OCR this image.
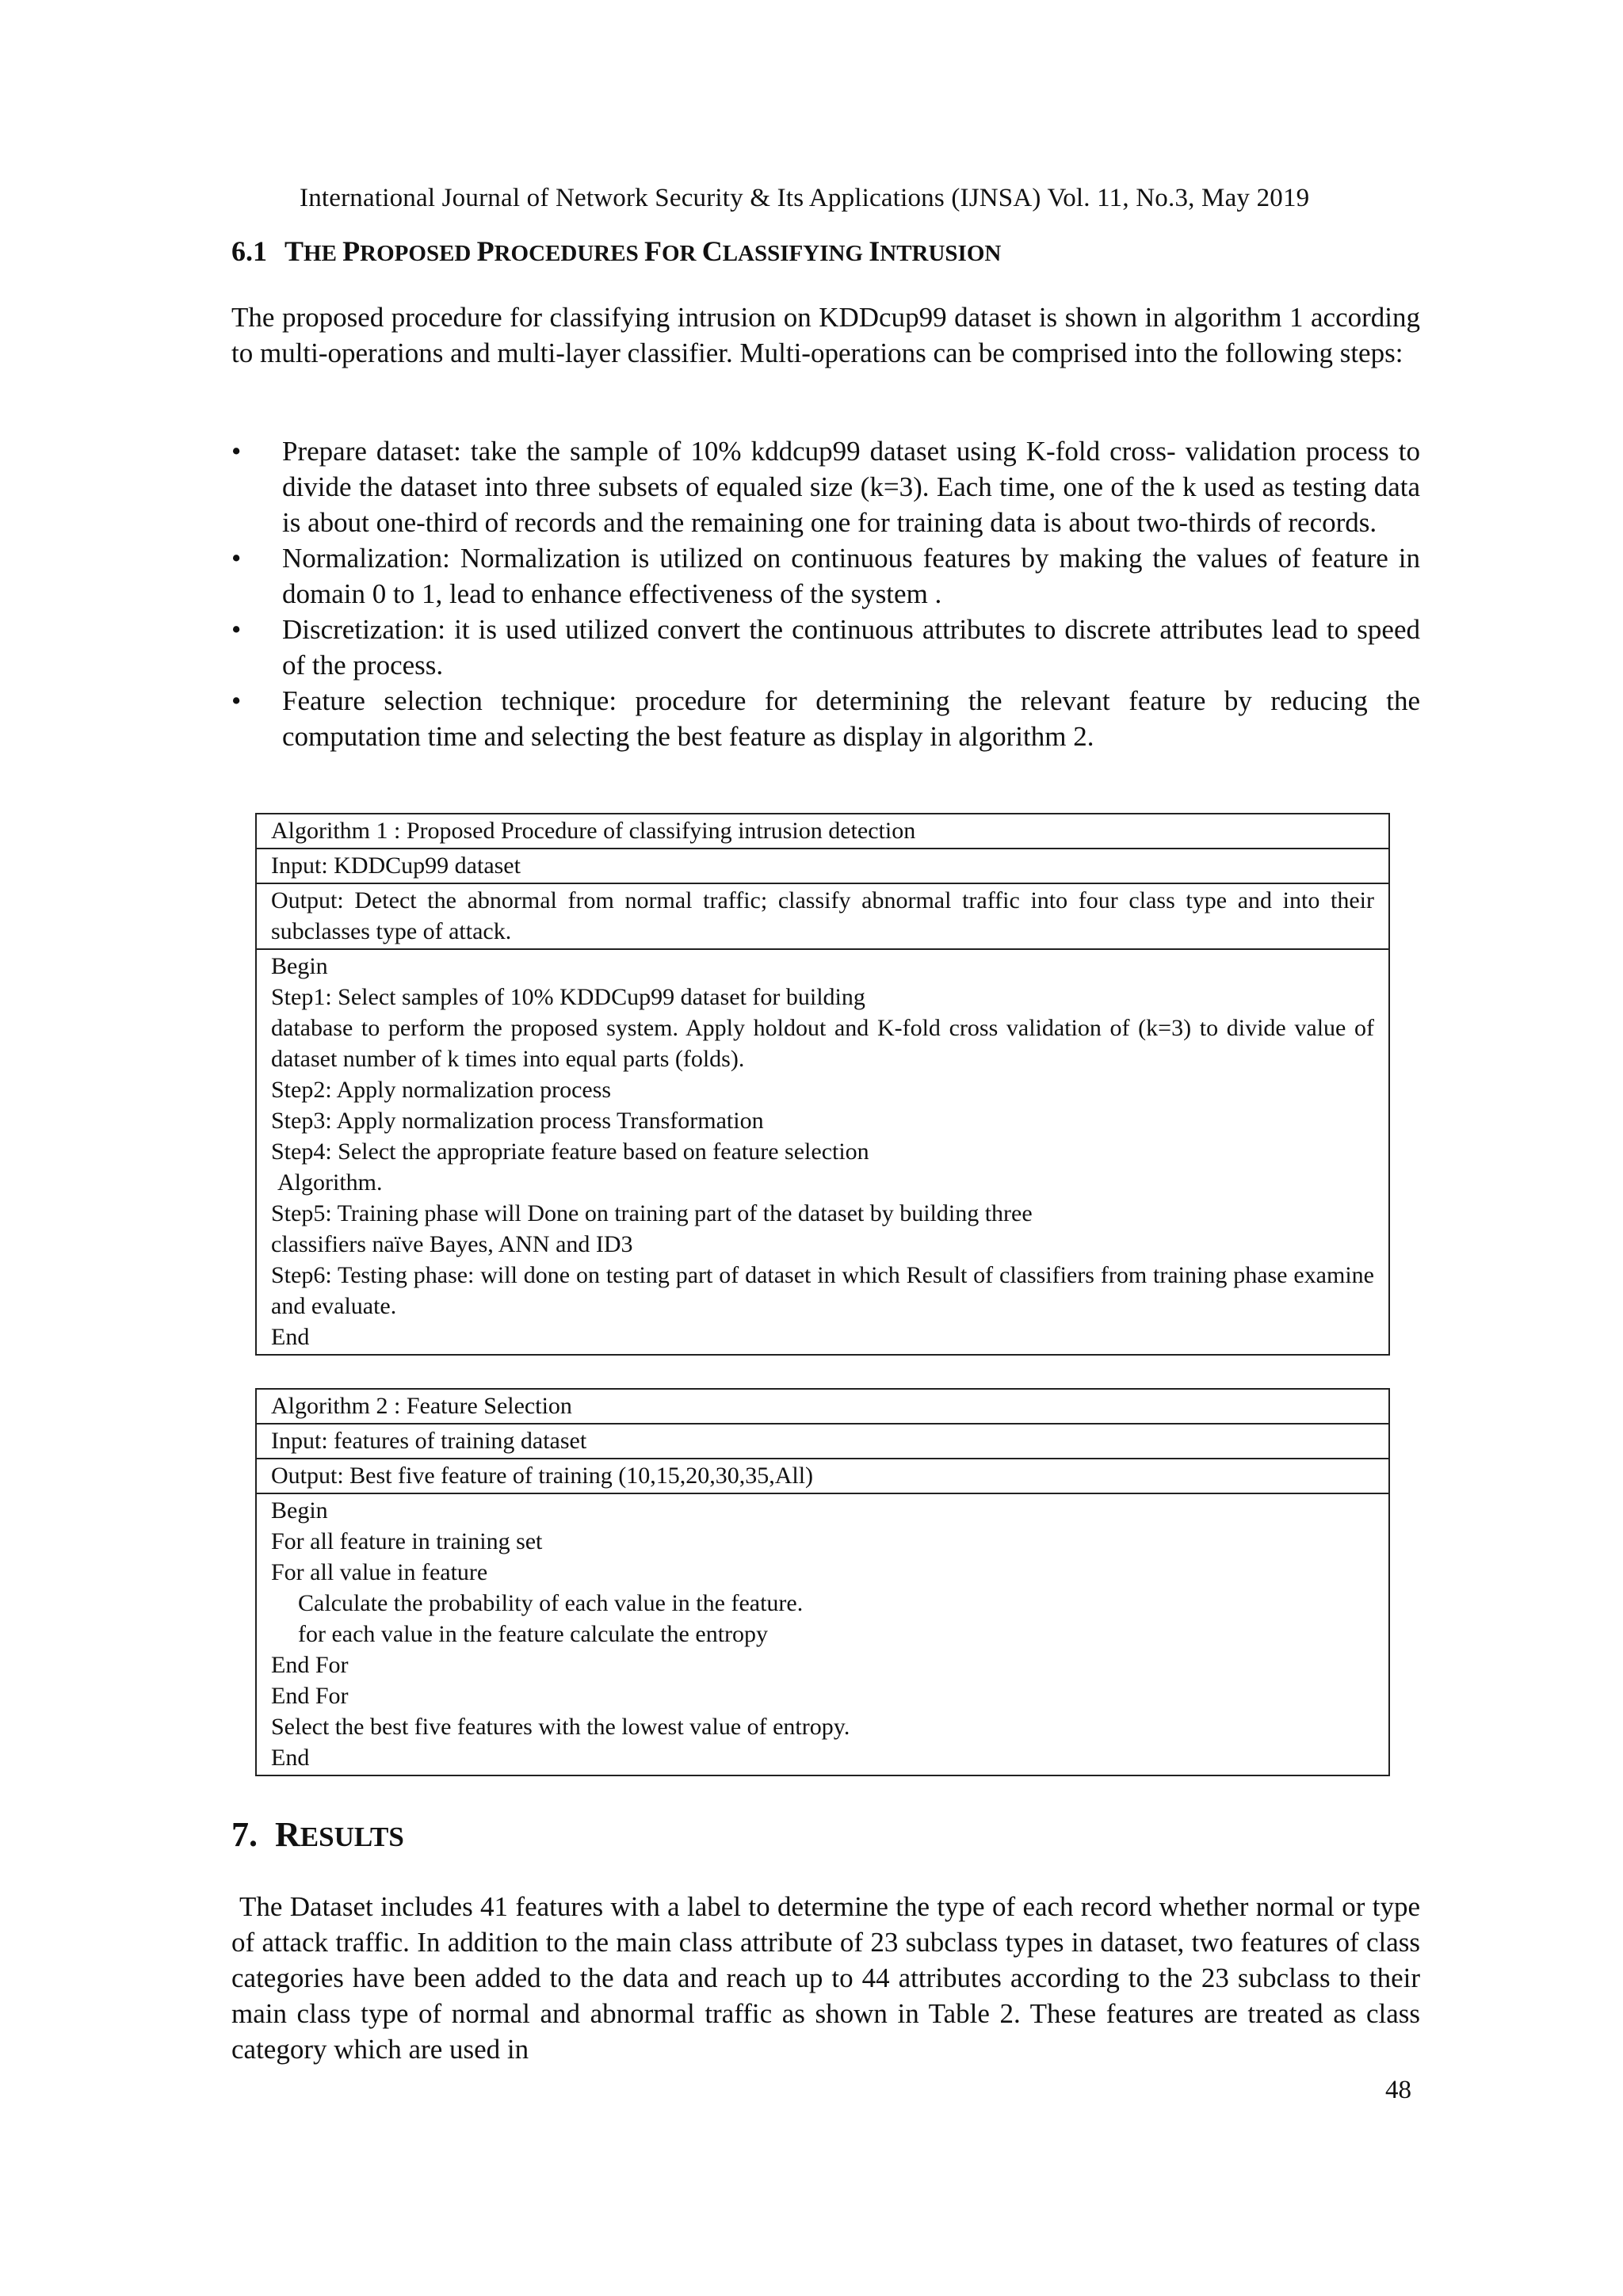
International Journal of Network Security & Its Applications (IJNSA) Vol. 11, No.3, May 2019
6.1 THE PROPOSED PROCEDURES FOR CLASSIFYING INTRUSION
The proposed procedure for classifying intrusion on KDDcup99 dataset is shown in algorithm 1 according to multi-operations and multi-layer classifier. Multi-operations can be comprised into the following steps:
•	Prepare dataset: take the sample of 10% kddcup99 dataset using K-fold cross- validation process to divide the dataset into three subsets of equaled size (k=3). Each time, one of the k used as testing data is about one-third of records and the remaining one for training data is about two-thirds of records.
•	Normalization: Normalization is utilized on continuous features by making the values of feature in domain 0 to 1, lead to enhance effectiveness of the system .
•	Discretization: it is used utilized convert the continuous attributes to discrete attributes lead to speed of the process.
•	Feature selection technique: procedure for determining the relevant feature by reducing the computation time and selecting the best feature as display in algorithm 2.
Algorithm 1 : Proposed Procedure of classifying intrusion detection
Input: KDDCup99 dataset
Output: Detect the abnormal from normal traffic; classify abnormal traffic into four class type and into their subclasses type of attack.

Begin
Step1: Select samples of 10% KDDCup99 dataset for building
database to perform the proposed system. Apply holdout and K-fold cross validation of (k=3) to divide value of dataset number of k times into equal parts (folds).
Step2: Apply normalization process
Step3: Apply normalization process Transformation
Step4: Select the appropriate feature based on feature selection
Algorithm.
Step5: Training phase will Done on training part of the dataset by building three
classifiers naïve Bayes, ANN and ID3
Step6: Testing phase: will done on testing part of dataset in which Result of classifiers from training phase examine and evaluate.
End
Algorithm 2 : Feature Selection
Input: features of training dataset
Output: Best five feature of training (10,15,20,30,35,All)

Begin
For all feature in training set
For all value in feature
Calculate the probability of each value in the feature.
for each value in the feature calculate the entropy
End For
End For
Select the best five features with the lowest value of entropy.
End
7. RESULTS
The Dataset includes 41 features with a label to determine the type of each record whether normal or type of attack traffic. In addition to the main class attribute of 23 subclass types in dataset, two features of class categories have been added to the data and reach up to 44 attributes according to the 23 subclass to their main class type of normal and abnormal traffic as shown in Table 2. These features are treated as class category which are used in
48
